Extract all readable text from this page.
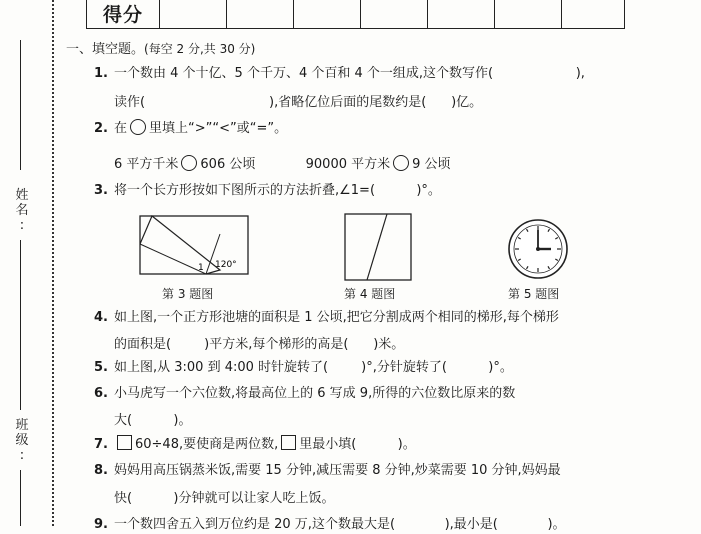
姓
名
:
班
级
:
得分							
一、填空题。(每空 2 分,共 30 分)
1. 一个数由 4 个十亿、5 个千万、4 个百和 4 个一组成,这个数写作(                    ),
读作(                              ),省略亿位后面的尾数约是(      )亿。
2. 在 里填上“>”“<”或“=”。
6 平方千米 606 公顷	90000 平方米 9 公顷
3. 将一个长方形按如下图所示的方法折叠,∠1=(          )°。
1 120°
第 3 题图	第 4 题图	第 5 题图
4. 如上图,一个正方形池塘的面积是 1 公顷,把它分割成两个相同的梯形,每个梯形
的面积是(        )平方米,每个梯形的高是(      )米。
5. 如上图,从 3:00 到 4:00 时针旋转了(        )°,分针旋转了(          )°。
6. 小马虎写一个六位数,将最高位上的 6 写成 9,所得的六位数比原来的数
大(          )。
7. 60÷48,要使商是两位数, 里最小填(          )。
8. 妈妈用高压锅蒸米饭,需要 15 分钟,减压需要 8 分钟,炒菜需要 10 分钟,妈妈最
快(          )分钟就可以让家人吃上饭。
9. 一个数四舍五入到万位约是 20 万,这个数最大是(            ),最小是(            )。
